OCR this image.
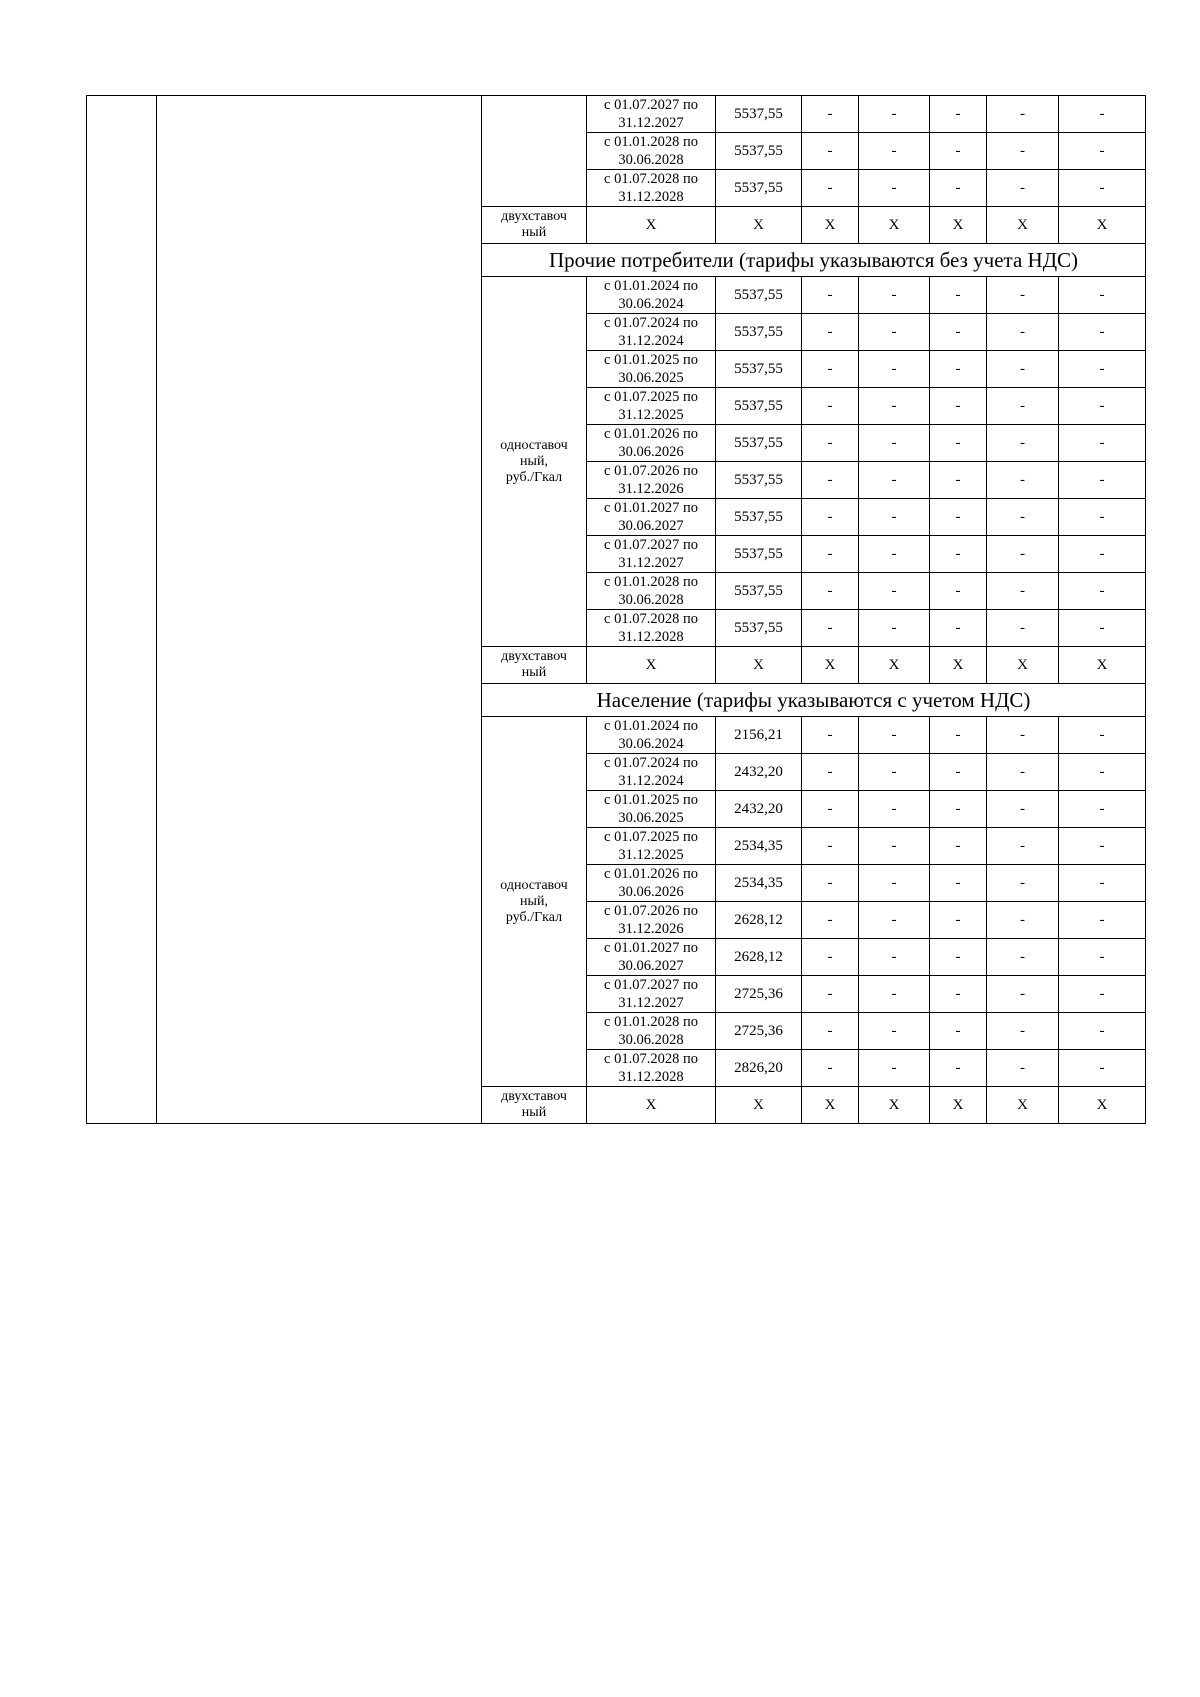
			с 01.07.2027 по
31.12.2027	5537,55	-	-	-	-	-
			с 01.01.2028 по
30.06.2028	5537,55	-	-	-	-	-
			с 01.07.2028 по
31.12.2028	5537,55	-	-	-	-	-
		двухставоч
ный	X	X	X	X	X	X	X
		Прочие потребители (тарифы указываются без учета НДС)							
		одноставоч
ный,
руб./Гкал	с 01.01.2024 по
30.06.2024	5537,55	-	-	-	-	-
			с 01.07.2024 по
31.12.2024	5537,55	-	-	-	-	-
			с 01.01.2025 по
30.06.2025	5537,55	-	-	-	-	-
			с 01.07.2025 по
31.12.2025	5537,55	-	-	-	-	-
			с 01.01.2026 по
30.06.2026	5537,55	-	-	-	-	-
			с 01.07.2026 по
31.12.2026	5537,55	-	-	-	-	-
			с 01.01.2027 по
30.06.2027	5537,55	-	-	-	-	-
			с 01.07.2027 по
31.12.2027	5537,55	-	-	-	-	-
			с 01.01.2028 по
30.06.2028	5537,55	-	-	-	-	-
			с 01.07.2028 по
31.12.2028	5537,55	-	-	-	-	-
		двухставоч
ный	X	X	X	X	X	X	X
		Население (тарифы указываются с учетом НДС)							
		одноставоч
ный,
руб./Гкал	с 01.01.2024 по
30.06.2024	2156,21	-	-	-	-	-
			с 01.07.2024 по
31.12.2024	2432,20	-	-	-	-	-
			с 01.01.2025 по
30.06.2025	2432,20	-	-	-	-	-
			с 01.07.2025 по
31.12.2025	2534,35	-	-	-	-	-
			с 01.01.2026 по
30.06.2026	2534,35	-	-	-	-	-
			с 01.07.2026 по
31.12.2026	2628,12	-	-	-	-	-
			с 01.01.2027 по
30.06.2027	2628,12	-	-	-	-	-
			с 01.07.2027 по
31.12.2027	2725,36	-	-	-	-	-
			с 01.01.2028 по
30.06.2028	2725,36	-	-	-	-	-
			с 01.07.2028 по
31.12.2028	2826,20	-	-	-	-	-
		двухставоч
ный	X	X	X	X	X	X	X
